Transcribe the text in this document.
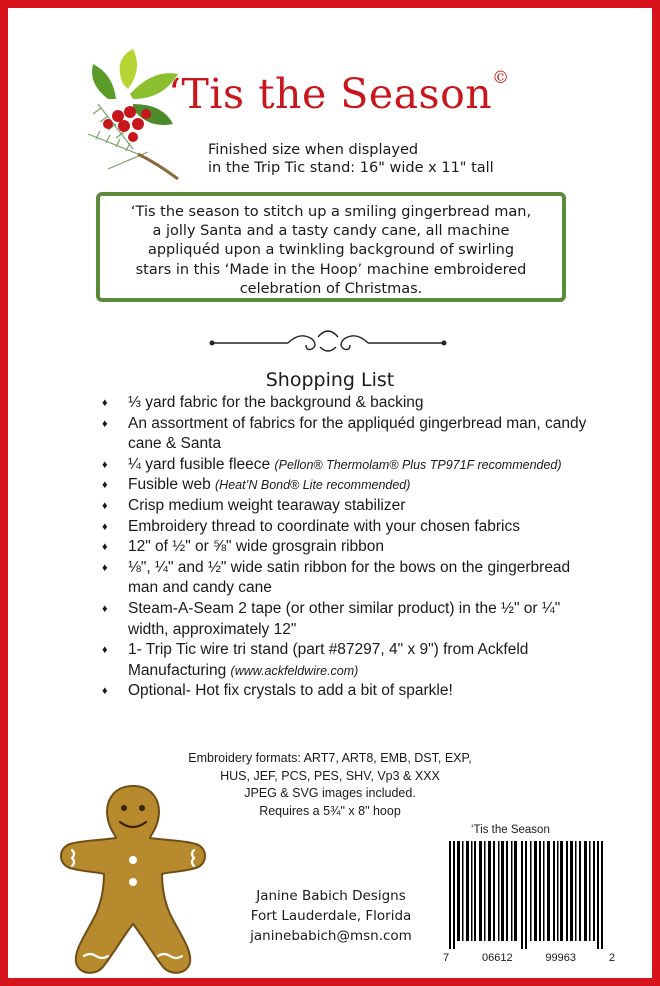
‘Tis the Season©
Finished size when displayed
in the Trip Tic stand: 16" wide x 11" tall
‘Tis the season to stitch up a smiling gingerbread man,
a jolly Santa and a tasty candy cane, all machine
appliquéd upon a twinkling background of swirling
stars in this ‘Made in the Hoop’ machine embroidered
celebration of Christmas.
Shopping List
♦ ⅓ yard fabric for the background & backing
♦ An assortment of fabrics for the appliquéd gingerbread man, candy cane & Santa
♦ ¼ yard fusible fleece (Pellon® Thermolam® Plus TP971F recommended)
♦ Fusible web (Heat’N Bond® Lite recommended)
♦ Crisp medium weight tearaway stabilizer
♦ Embroidery thread to coordinate with your chosen fabrics
♦ 12" of ½" or ⅝" wide grosgrain ribbon
♦ ⅛", ¼" and ½" wide satin ribbon for the bows on the gingerbread man and candy cane
♦ Steam-A-Seam 2 tape (or other similar product) in the ½" or ¼" width, approximately 12"
♦ 1- Trip Tic wire tri stand (part #87297, 4" x 9") from Ackfeld Manufacturing (www.ackfeldwire.com)
♦ Optional- Hot fix crystals to add a bit of sparkle!
Embroidery formats: ART7, ART8, EMB, DST, EXP,
HUS, JEF, PCS, PES, SHV, Vp3 & XXX
JPEG & SVG images included.
Requires a 5¾" x 8" hoop
‘Tis the Season
7	06612	99963	2
Janine Babich Designs
Fort Lauderdale, Florida
janinebabich@msn.com
